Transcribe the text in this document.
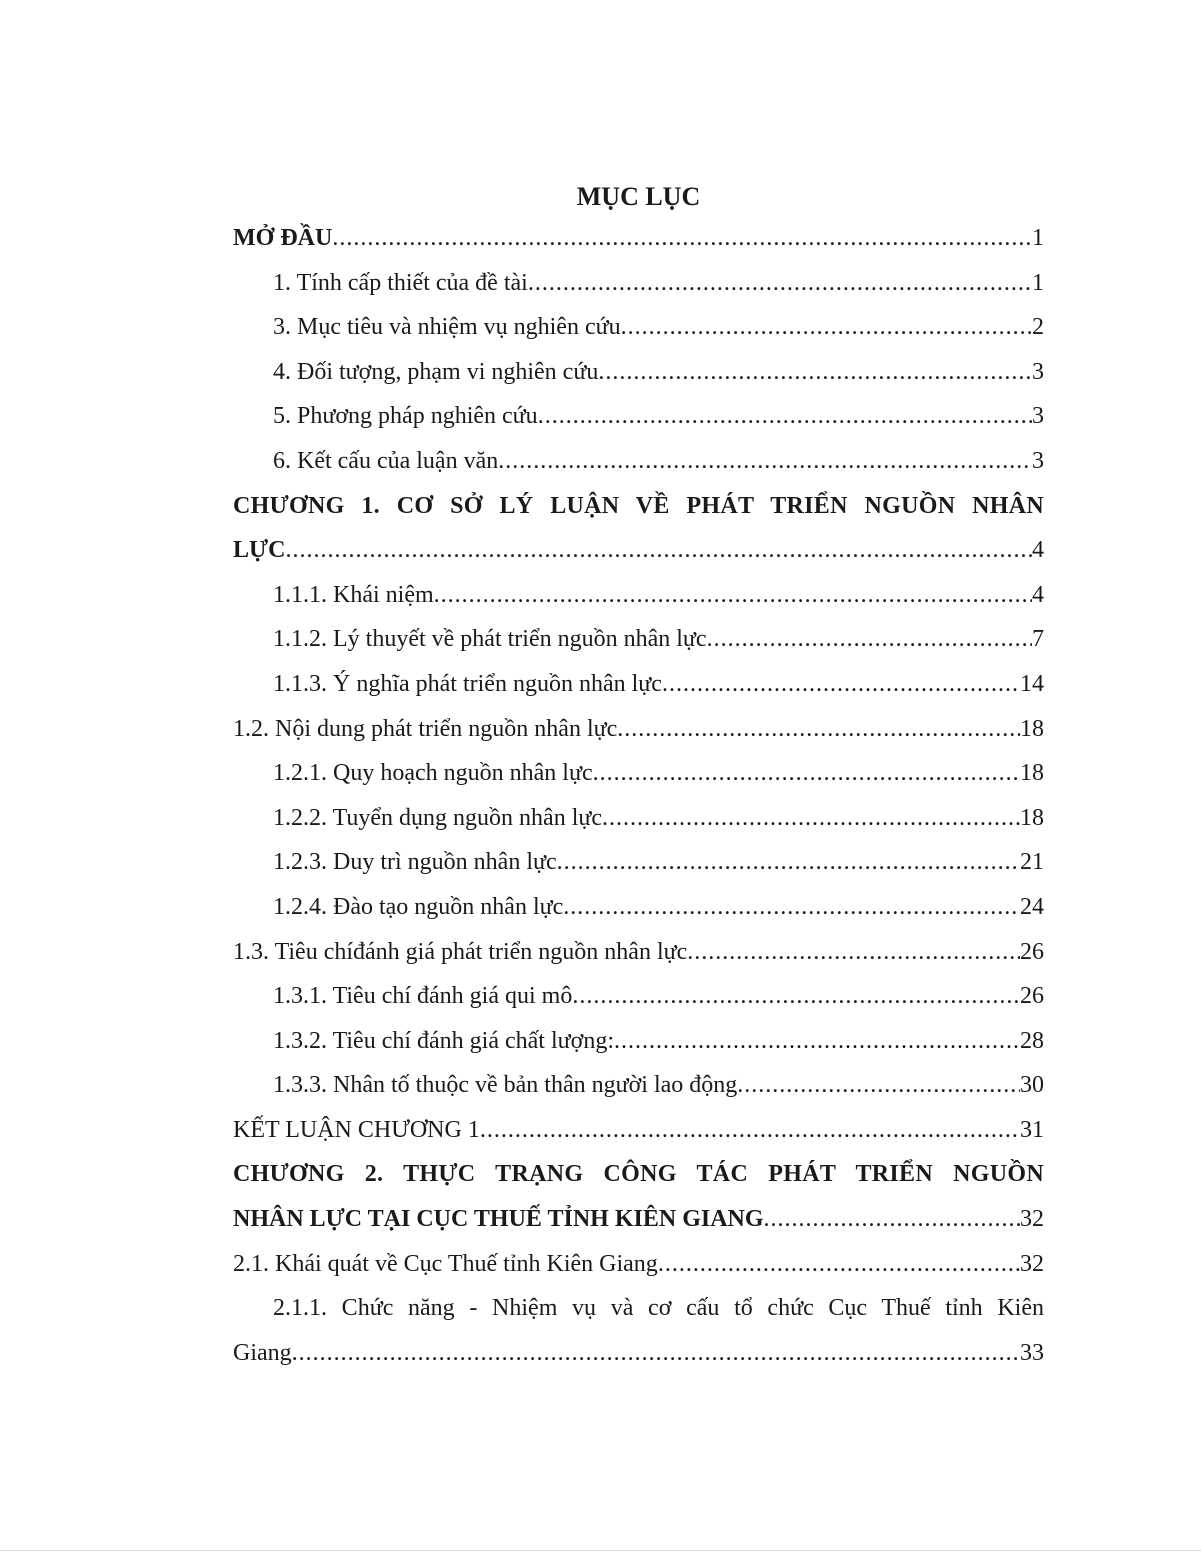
MỤC LỤC
MỞ ĐẦU .....	1
1. Tính cấp thiết của đề tài .....	1
3. Mục tiêu và nhiệm vụ nghiên cứu .....	2
4. Đối tượng, phạm vi nghiên cứu .....	3
5. Phương pháp nghiên cứu .....	3
6. Kết cấu của luận văn .....	3
CHƯƠNG 1. CƠ SỞ LÝ LUẬN VỀ PHÁT TRIỂN NGUỒN NHÂN
LỰC .....	4
1.1.1. Khái niệm .....	4
1.1.2. Lý thuyết về phát triển nguồn nhân lực .....	7
1.1.3. Ý nghĩa phát triển nguồn nhân lực .....	14
1.2. Nội dung phát triển nguồn nhân lực .....	18
1.2.1. Quy hoạch nguồn nhân lực .....	18
1.2.2. Tuyển dụng nguồn nhân lực .....	18
1.2.3. Duy trì nguồn nhân lực .....	21
1.2.4. Đào tạo nguồn nhân lực .....	24
1.3. Tiêu chíđánh giá phát triển nguồn nhân lực .....	26
1.3.1. Tiêu chí đánh giá qui mô .....	26
1.3.2. Tiêu chí đánh giá chất lượng: .....	28
1.3.3. Nhân tố thuộc về bản thân người lao động .....	30
KẾT LUẬN CHƯƠNG 1 .....	31
CHƯƠNG 2. THỰC TRẠNG CÔNG TÁC PHÁT TRIỂN NGUỒN
NHÂN LỰC TẠI CỤC THUẾ TỈNH KIÊN GIANG .....	32
2.1. Khái quát về Cục Thuế tỉnh Kiên Giang .....	32
2.1.1. Chức năng - Nhiệm vụ và cơ cấu tổ chức Cục Thuế tỉnh Kiên
Giang .....	33
